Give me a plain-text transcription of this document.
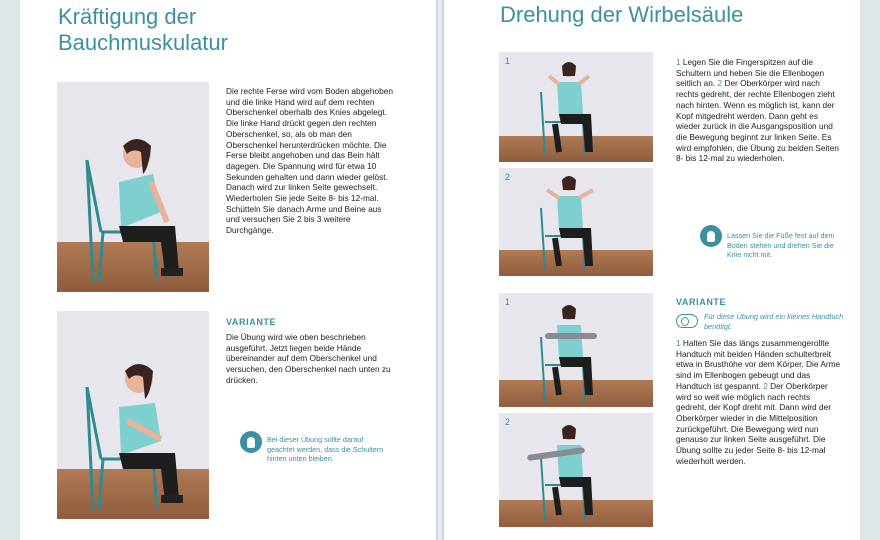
Kräftigung der
Bauchmuskulatur
Die rechte Ferse wird vom Boden abgehoben und die linke Hand wird auf dem rechten Oberschenkel oberhalb des Knies abgelegt. Die linke Hand drückt gegen den rechten Oberschenkel, so, als ob man den Oberschenkel herunterdrücken möchte. Die Ferse bleibt angehoben und das Bein hält dagegen. Die Spannung wird für etwa 10 Sekunden gehalten und dann wieder gelöst. Danach wird zur linken Seite gewechselt. Wiederholen Sie jede Seite 8- bis 12-mal. Schütteln Sie danach Arme und Beine aus und versuchen Sie 2 bis 3 weitere Durchgänge.
VARIANTE
Die Übung wird wie oben beschrieben ausgeführt. Jetzt liegen beide Hände übereinander auf dem Oberschenkel und versuchen, den Oberschenkel nach unten zu drücken.
Bei dieser Übung sollte darauf geachtet werden, dass die Schultern hinten unten bleiben.
Drehung der Wirbelsäule
1
2
1 Legen Sie die Fingerspitzen auf die Schultern und heben Sie die Ellenbogen seitlich an. 2 Der Oberkörper wird nach rechts gedreht, der rechte Ellenbogen zieht nach hinten. Wenn es möglich ist, kann der Kopf mitgedreht werden. Dann geht es wieder zurück in die Ausgangsposition und die Bewegung beginnt zur linken Seite. Es wird empfohlen, die Übung zu beiden Seiten 8- bis 12-mal zu wiederholen.
Lassen Sie die Füße fest auf dem Boden stehen und drehen Sie die Knie nicht mit.
1
2
VARIANTE
Für diese Übung wird ein kleines Handtuch benötigt.
1 Halten Sie das längs zusammengerollte Handtuch mit beiden Händen schulterbreit etwa in Brusthöhe vor dem Körper. Die Arme sind im Ellenbogen gebeugt und das Handtuch ist gespannt. 2 Der Oberkörper wird so weit wie möglich nach rechts gedreht, der Kopf dreht mit. Dann wird der Oberkörper wieder in die Mittelposition zurückgeführt. Die Bewegung wird nun genauso zur linken Seite ausgeführt. Die Übung sollte zu jeder Seite 8- bis 12-mal wiederholt werden.
